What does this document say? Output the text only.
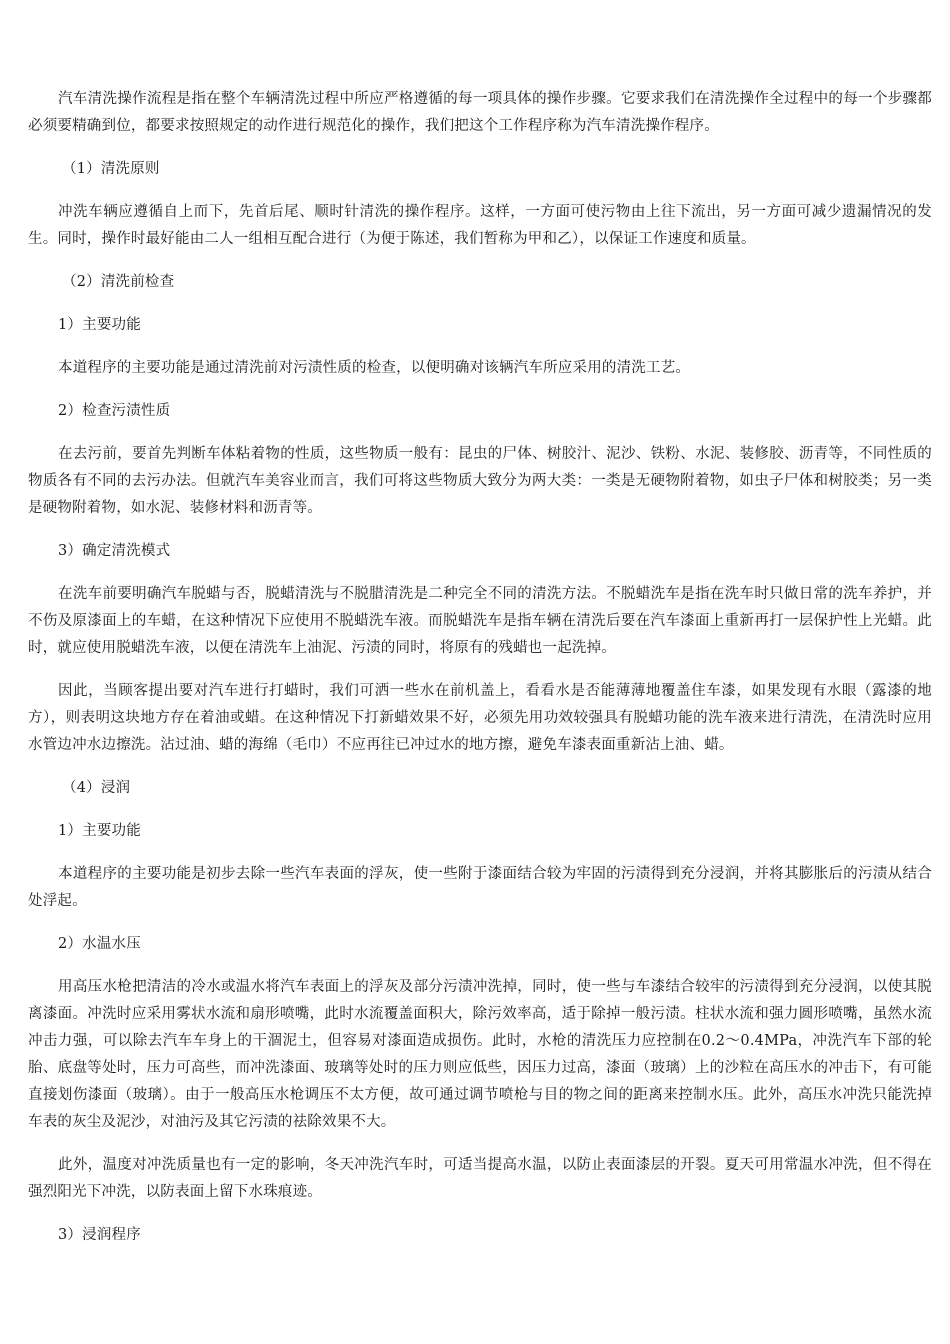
汽车清洗操作流程是指在整个车辆清洗过程中所应严格遵循的每一项具体的操作步骤。它要求我们在清洗操作全过程中的每一个步骤都必须要精确到位，都要求按照规定的动作进行规范化的操作，我们把这个工作程序称为汽车清洗操作程序。

（1）清洗原则

冲洗车辆应遵循自上而下，先首后尾、顺时针清洗的操作程序。这样，一方面可使污物由上往下流出，另一方面可减少遗漏情况的发生。同时，操作时最好能由二人一组相互配合进行（为便于陈述，我们暂称为甲和乙），以保证工作速度和质量。

（2）清洗前检查

1）主要功能

本道程序的主要功能是通过清洗前对污渍性质的检查，以便明确对该辆汽车所应采用的清洗工艺。

2）检查污渍性质

在去污前，要首先判断车体粘着物的性质，这些物质一般有：昆虫的尸体、树胶汁、泥沙、铁粉、水泥、装修胶、沥青等，不同性质的物质各有不同的去污办法。但就汽车美容业而言，我们可将这些物质大致分为两大类：一类是无硬物附着物，如虫子尸体和树胶类；另一类是硬物附着物，如水泥、装修材料和沥青等。

3）确定清洗模式

在洗车前要明确汽车脱蜡与否，脱蜡清洗与不脱腊清洗是二种完全不同的清洗方法。不脱蜡洗车是指在洗车时只做日常的洗车养护，并不伤及原漆面上的车蜡，在这种情况下应使用不脱蜡洗车液。而脱蜡洗车是指车辆在清洗后要在汽车漆面上重新再打一层保护性上光蜡。此时，就应使用脱蜡洗车液，以便在清洗车上油泥、污渍的同时，将原有的残蜡也一起洗掉。

因此，当顾客提出要对汽车进行打蜡时，我们可洒一些水在前机盖上，看看水是否能薄薄地覆盖住车漆，如果发现有水眼（露漆的地方），则表明这块地方存在着油或蜡。在这种情况下打新蜡效果不好，必须先用功效较强具有脱蜡功能的洗车液来进行清洗，在清洗时应用水管边冲水边擦洗。沾过油、蜡的海绵（毛巾）不应再往已冲过水的地方擦，避免车漆表面重新沾上油、蜡。

（4）浸润

1）主要功能

本道程序的主要功能是初步去除一些汽车表面的浮灰，使一些附于漆面结合较为牢固的污渍得到充分浸润，并将其膨胀后的污渍从结合处浮起。

2）水温水压

用高压水枪把清洁的冷水或温水将汽车表面上的浮灰及部分污渍冲洗掉，同时，使一些与车漆结合较牢的污渍得到充分浸润，以使其脱离漆面。冲洗时应采用雾状水流和扇形喷嘴，此时水流覆盖面积大，除污效率高，适于除掉一般污渍。柱状水流和强力圆形喷嘴，虽然水流冲击力强，可以除去汽车车身上的干涸泥土，但容易对漆面造成损伤。此时，水枪的清洗压力应控制在0.2～0.4MPa，冲洗汽车下部的轮胎、底盘等处时，压力可高些，而冲洗漆面、玻璃等处时的压力则应低些，因压力过高，漆面（玻璃）上的沙粒在高压水的冲击下，有可能直接划伤漆面（玻璃）。由于一般高压水枪调压不太方便，故可通过调节喷枪与目的物之间的距离来控制水压。此外，高压水冲洗只能洗掉车表的灰尘及泥沙，对油污及其它污渍的祛除效果不大。

此外，温度对冲洗质量也有一定的影响，冬天冲洗汽车时，可适当提高水温，以防止表面漆层的开裂。夏天可用常温水冲洗，但不得在强烈阳光下冲洗，以防表面上留下水珠痕迹。

3）浸润程序
